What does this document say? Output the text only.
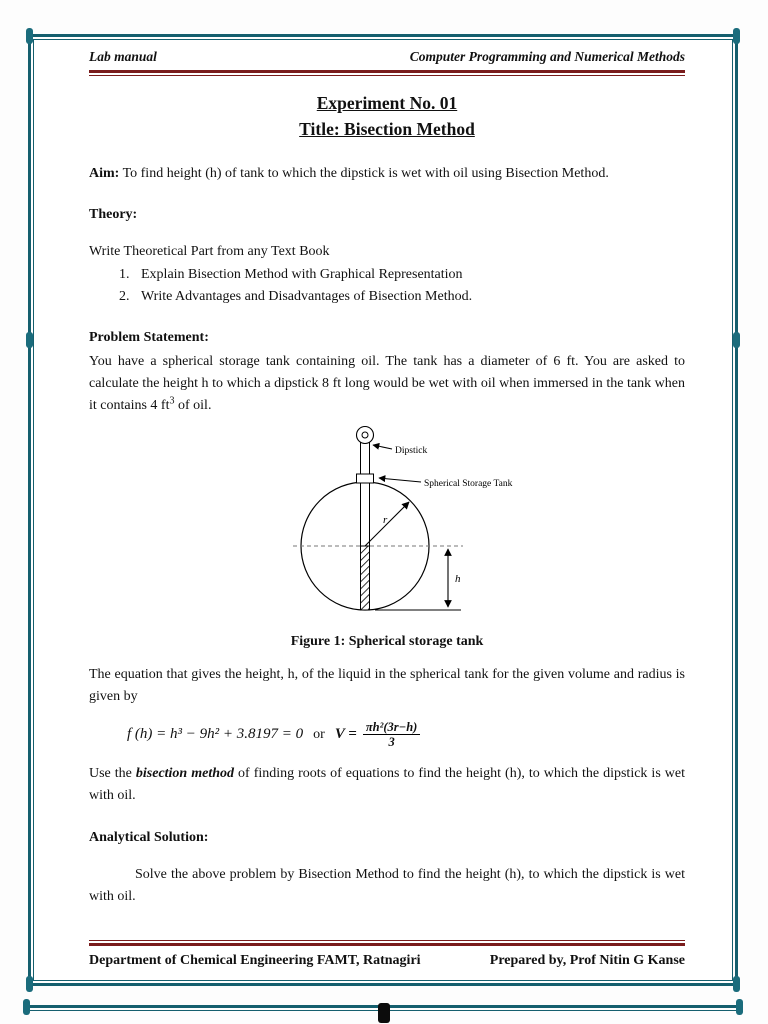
Lab manual	Computer Programming and Numerical Methods
Experiment No. 01
Title: Bisection Method

Aim: To find height (h) of tank to which the dipstick is wet with oil using Bisection Method.

Theory:

Write Theoretical Part from any Text Book

1. Explain Bisection Method with Graphical Representation
2. Write Advantages and Disadvantages of Bisection Method.

Problem Statement:

You have a spherical storage tank containing oil. The tank has a diameter of 6 ft. You are asked to calculate the height h to which a dipstick 8 ft long would be wet with oil when immersed in the tank when it contains 4 $ft^3$ of oil.

r
h
Dipstick
Spherical Storage Tank

Figure 1: Spherical storage tank

The equation that gives the height, h, of the liquid in the spherical tank for the given volume and radius is given by

f (h) = h³ − 9h² + 3.8197 = 0 or $V = \frac{\text{πh²(3r−h)}}{3}$

Use the bisection method of finding roots of equations to find the height (h), to which the dipstick is wet with oil.

Analytical Solution:

Solve the above problem by Bisection Method to find the height (h), to which the dipstick is wet with oil.

Department of Chemical Engineering FAMT, Ratnagiri	Prepared by, Prof Nitin G Kanse
